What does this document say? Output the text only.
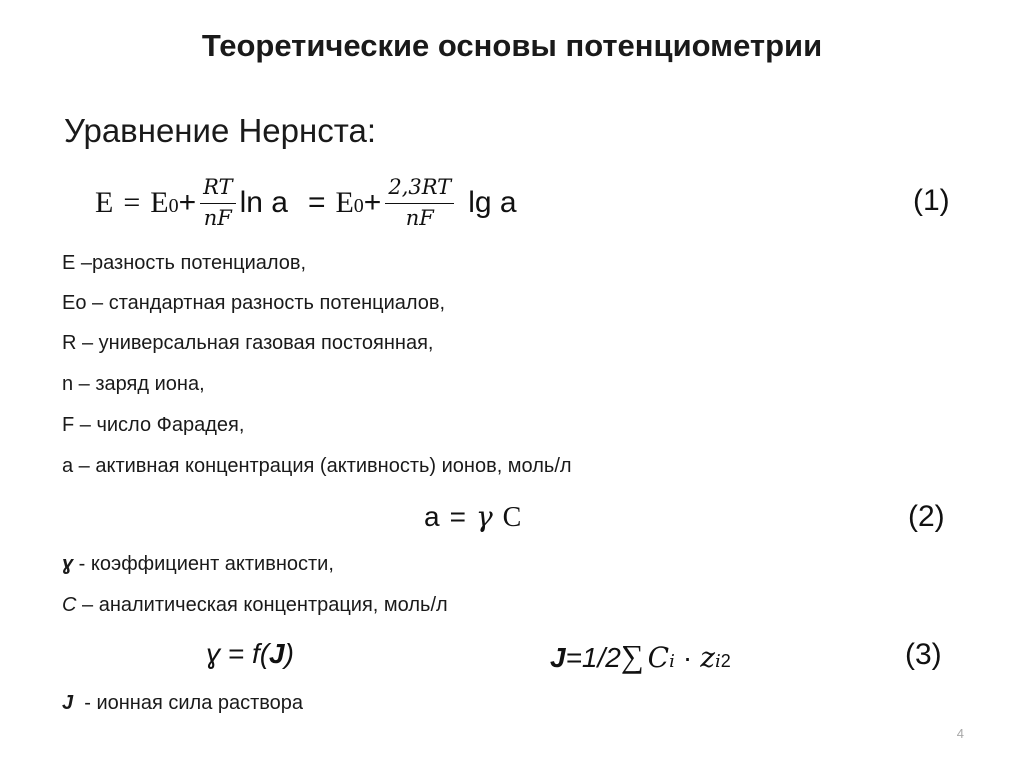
Теоретические основы потенциометрии
Уравнение Нернста:
$E = E0 + \frac{RT}{nF}$ $\ln a = E0 + \frac{2,3RT}{nF}$ lg a	(1)
Е –разность потенциалов,
Ео – стандартная разность потенциалов,
R – универсальная газовая постоянная,
n – заряд иона,
F – число Фарадея,
a – активная концентрация (активность) ионов, моль/л
a = γ C	(2)
ɣ - коэффициент активности,
C – аналитическая концентрация, моль/л
ɣ = f( J )	J =1/2 ∑ C i · z i 2	(3)
J  - ионная сила раствора
4
